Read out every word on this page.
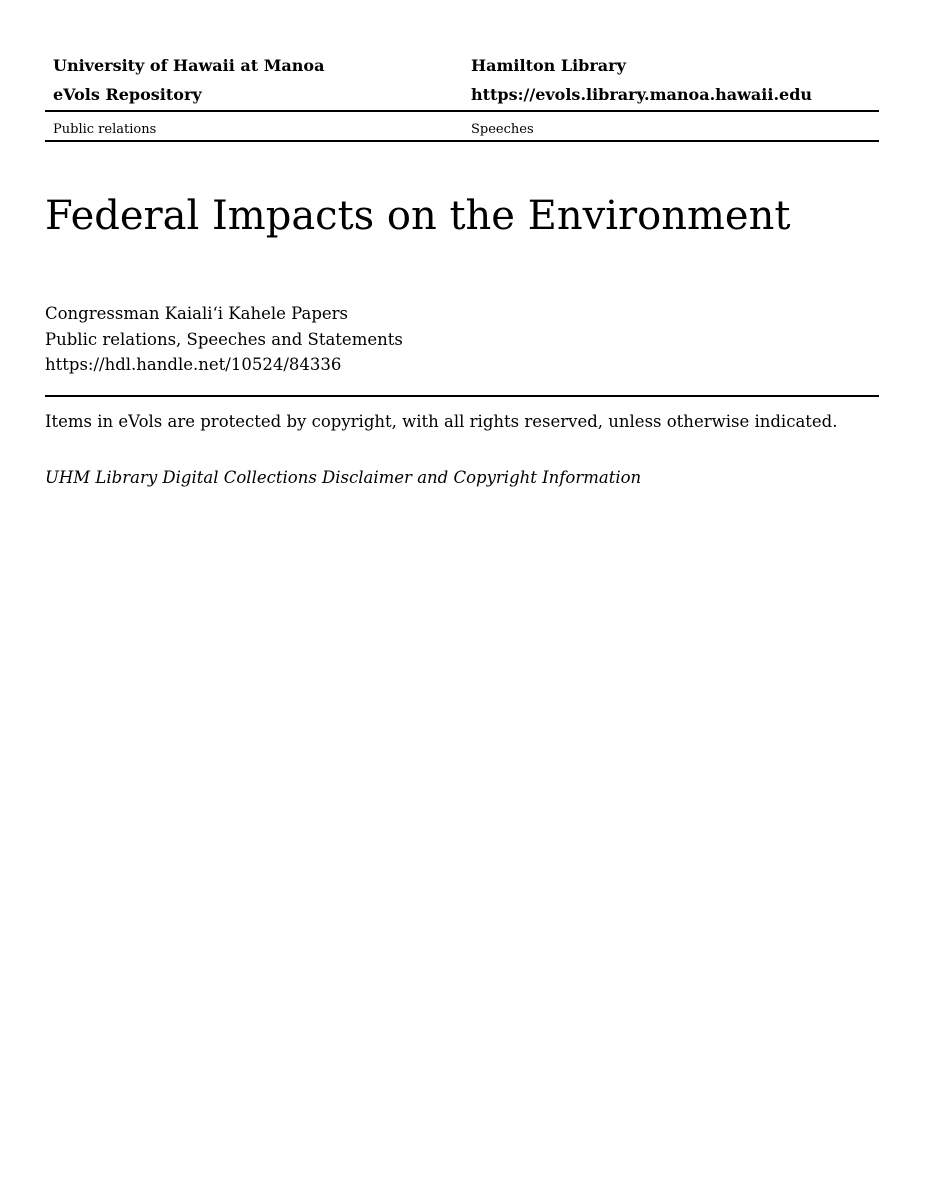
University of Hawaii at Manoa	Hamilton Library
eVols Repository	https://evols.library.manoa.hawaii.edu
Public relations	Speeches
Federal Impacts on the Environment
Congressman Kaialiʻi Kahele Papers
Public relations, Speeches and Statements
https://hdl.handle.net/10524/84336
Items in eVols are protected by copyright, with all rights reserved, unless otherwise indicated.
UHM Library Digital Collections Disclaimer and Copyright Information
